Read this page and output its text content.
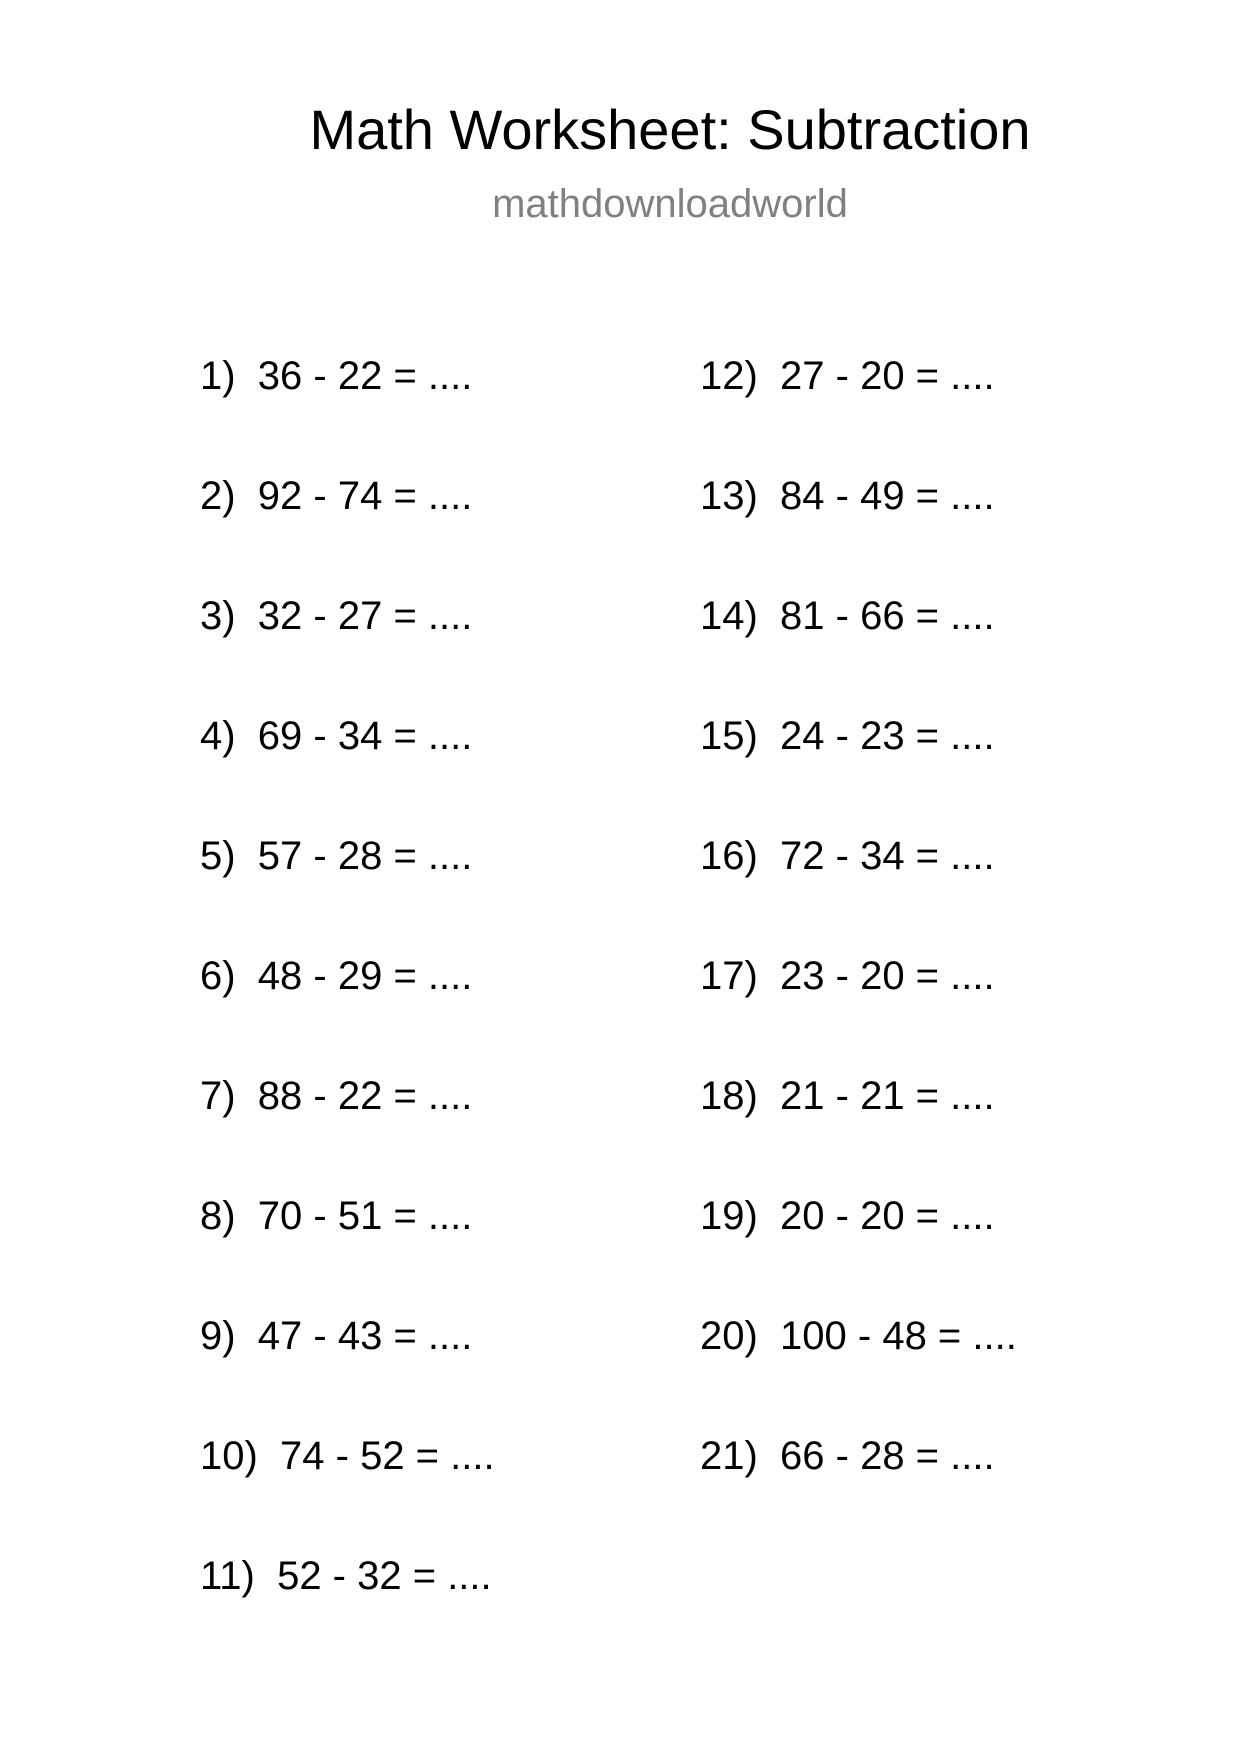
Math Worksheet: Subtraction
mathdownloadworld
1)  36 - 22 = ....
2)  92 - 74 = ....
3)  32 - 27 = ....
4)  69 - 34 = ....
5)  57 - 28 = ....
6)  48 - 29 = ....
7)  88 - 22 = ....
8)  70 - 51 = ....
9)  47 - 43 = ....
10)  74 - 52 = ....
11)  52 - 32 = ....
12)  27 - 20 = ....
13)  84 - 49 = ....
14)  81 - 66 = ....
15)  24 - 23 = ....
16)  72 - 34 = ....
17)  23 - 20 = ....
18)  21 - 21 = ....
19)  20 - 20 = ....
20)  100 - 48 = ....
21)  66 - 28 = ....
